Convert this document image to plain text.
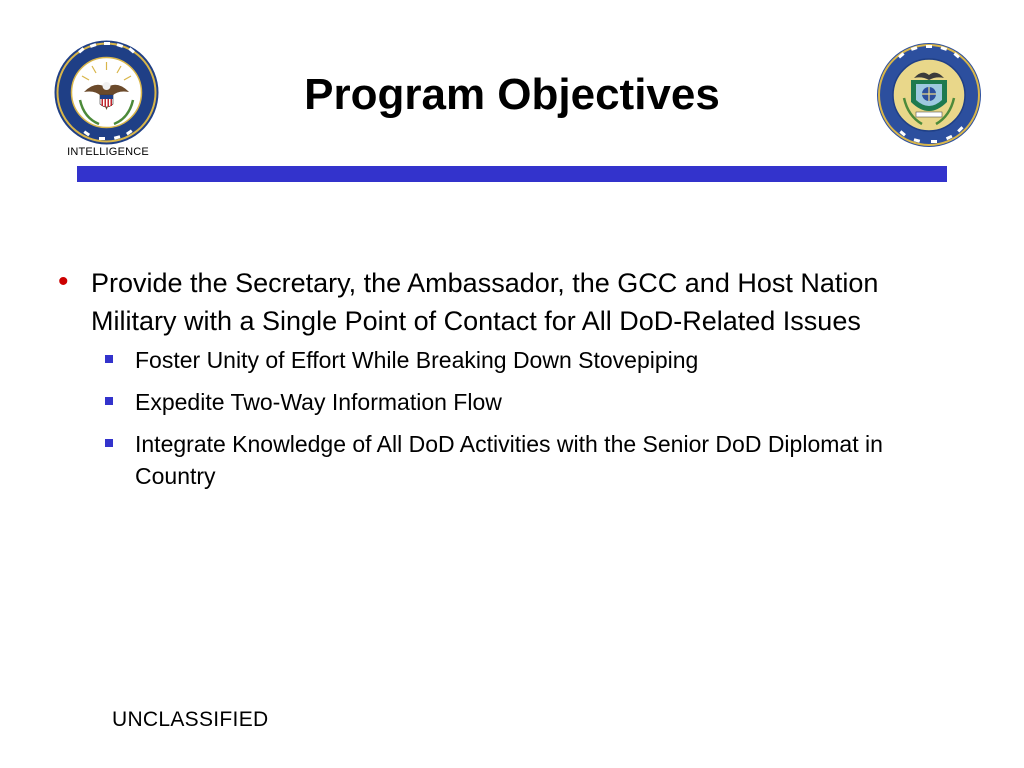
INTELLIGENCE
Program Objectives

• Provide the Secretary, the Ambassador, the GCC and Host Nation Military with a Single Point of Contact for All DoD-Related Issues

Foster Unity of Effort While Breaking Down Stovepiping
Expedite Two-Way Information Flow
Integrate Knowledge of All DoD Activities with the Senior DoD Diplomat in Country
UNCLASSIFIED
